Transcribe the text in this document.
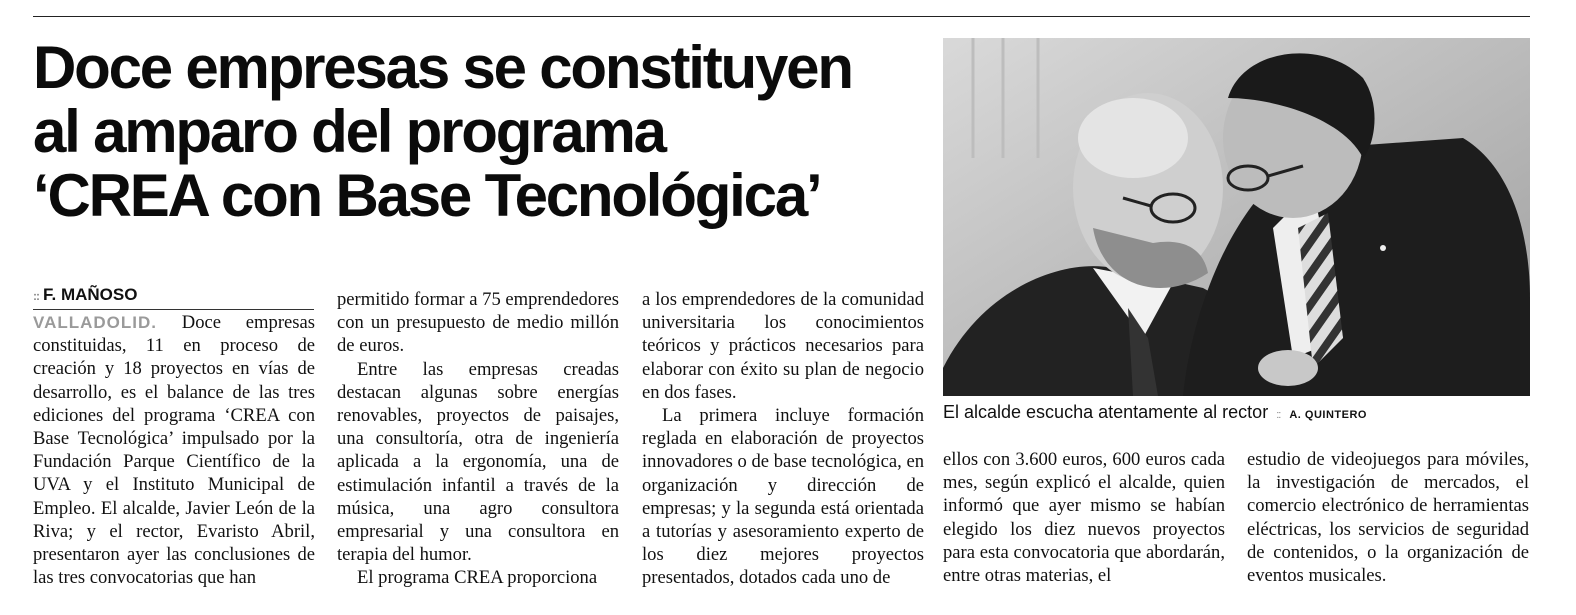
Doce empresas se constituyen
al amparo del programa
‘CREA con Base Tecnológica’
:: F. MAÑOSO

VALLADOLID. Doce empresas constituidas, 11 en proceso de creación y 18 proyectos en vías de desarrollo, es el balance de las tres ediciones del programa ‘CREA con Base Tecnológica’ impulsado por la Fundación Parque Científico de la UVA y el Instituto Municipal de Empleo. El alcalde, Javier León de la Riva; y el rector, Evaristo Abril, presentaron ayer las conclusiones de las tres convocatorias que han

permitido formar a 75 emprendedores con un presupuesto de medio millón de euros.

Entre las empresas creadas destacan algunas sobre energías renovables, proyectos de paisajes, una consultoría, otra de ingeniería aplicada a la ergonomía, una de estimulación infantil a través de la música, una agro consultora empresarial y una consultora en terapia del humor.

El programa CREA proporciona

a los emprendedores de la comunidad universitaria los conocimientos teóricos y prácticos necesarios para elaborar con éxito su plan de negocio en dos fases.

La primera incluye formación reglada en elaboración de proyectos innovadores o de base tecnológica, en organización y dirección de empresas; y la segunda está orientada a tutorías y asesoramiento experto de los diez mejores proyectos presentados, dotados cada uno de

El alcalde escucha atentamente al rector :: A. QUINTERO

ellos con 3.600 euros, 600 euros cada mes, según explicó el alcalde, quien informó que ayer mismo se habían elegido los diez nuevos proyectos para esta convocatoria que abordarán, entre otras materias, el

estudio de videojuegos para móviles, la investigación de mercados, el comercio electrónico de herramientas eléctricas, los servicios de seguridad de contenidos, o la organización de eventos musicales.
